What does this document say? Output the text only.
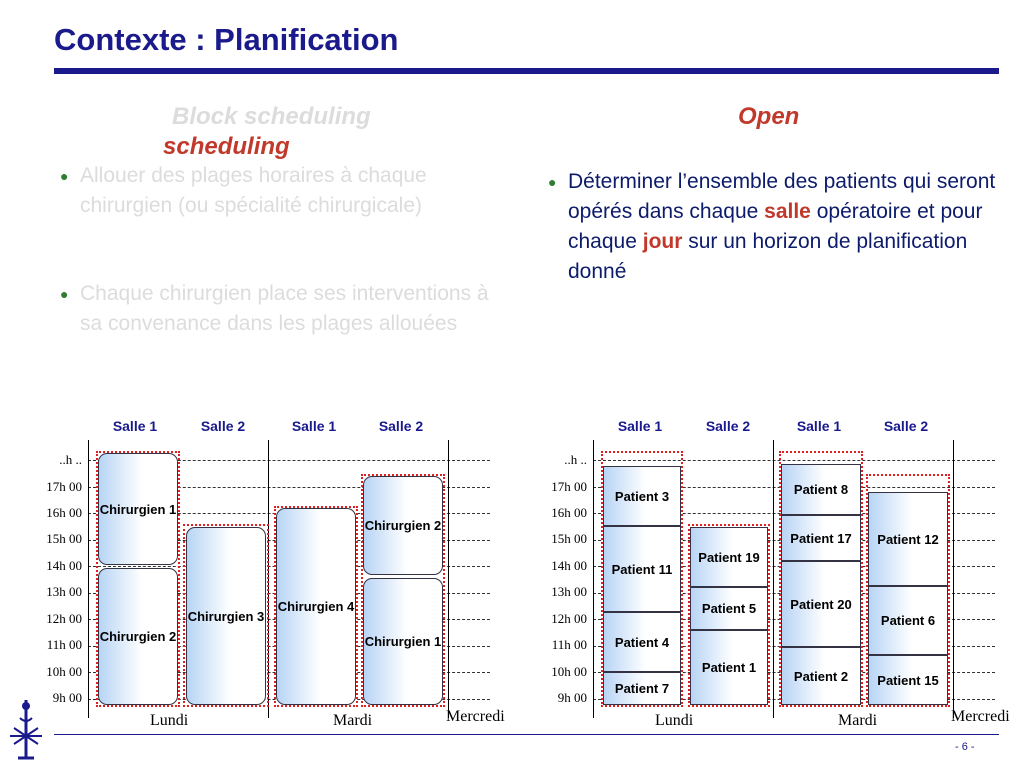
Contexte : Planification
Block scheduling
scheduling
Open
● Allouer des plages horaires à chaque chirurgien (ou spécialité chirurgicale)
● Chaque chirurgien place ses interventions à sa convenance dans les plages allouées
● Déterminer l’ensemble des patients qui seront opérés dans chaque salle opératoire et pour chaque jour sur un horizon de planification donné
Salle 1	Salle 2	Salle 1	Salle 2
..h ..
17h 00
16h 00
15h 00
14h 00
13h 00
12h 00
11h 00
10h 00
9h 00
Lundi	Mardi	Mercredi
Chirurgien 1
Chirurgien 2
Chirurgien 3
Chirurgien 4
Chirurgien 2
Chirurgien 1
Salle 1	Salle 2	Salle 1	Salle 2
..h ..
17h 00
16h 00
15h 00
14h 00
13h 00
12h 00
11h 00
10h 00
9h 00
Lundi	Mardi	Mercredi
Patient 3
Patient 11
Patient 4
Patient 7
Patient 19
Patient 5
Patient 1
Patient 8
Patient 17
Patient 20
Patient 2
Patient 12
Patient 6
Patient 15
- 6 -
